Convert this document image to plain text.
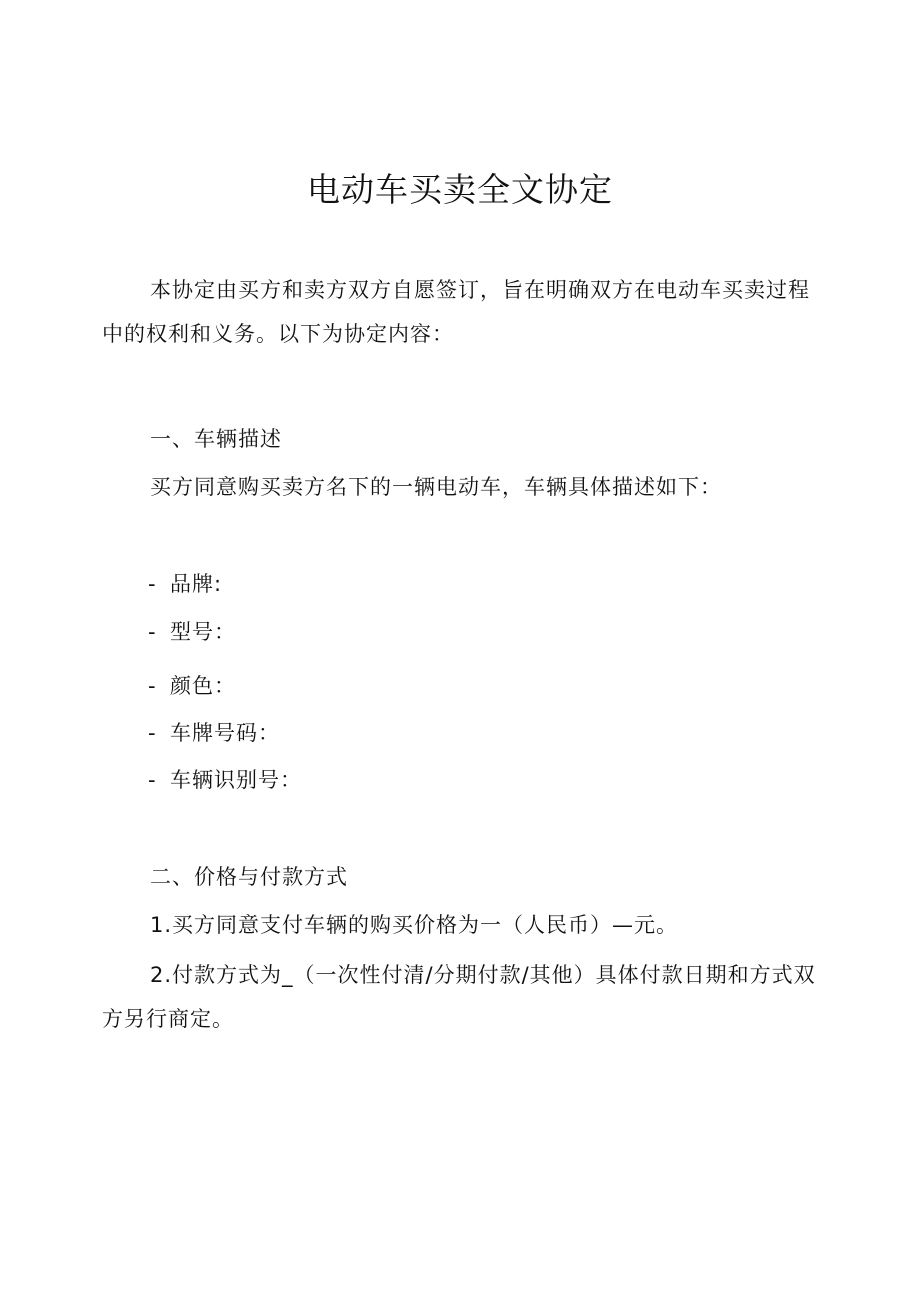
电动车买卖全文协定

本协定由买方和卖方双方自愿签订，旨在明确双方在电动车买卖过程中的权利和义务。以下为协定内容：

一、车辆描述

买方同意购买卖方名下的一辆电动车，车辆具体描述如下：

- 品牌:

- 型号：

- 颜色：

- 车牌号码：

- 车辆识别号：

二、价格与付款方式

1.买方同意支付车辆的购买价格为一（人民币）—元。

2.付款方式为_（一次性付清/分期付款/其他）具体付款日期和方式双方另行商定。
